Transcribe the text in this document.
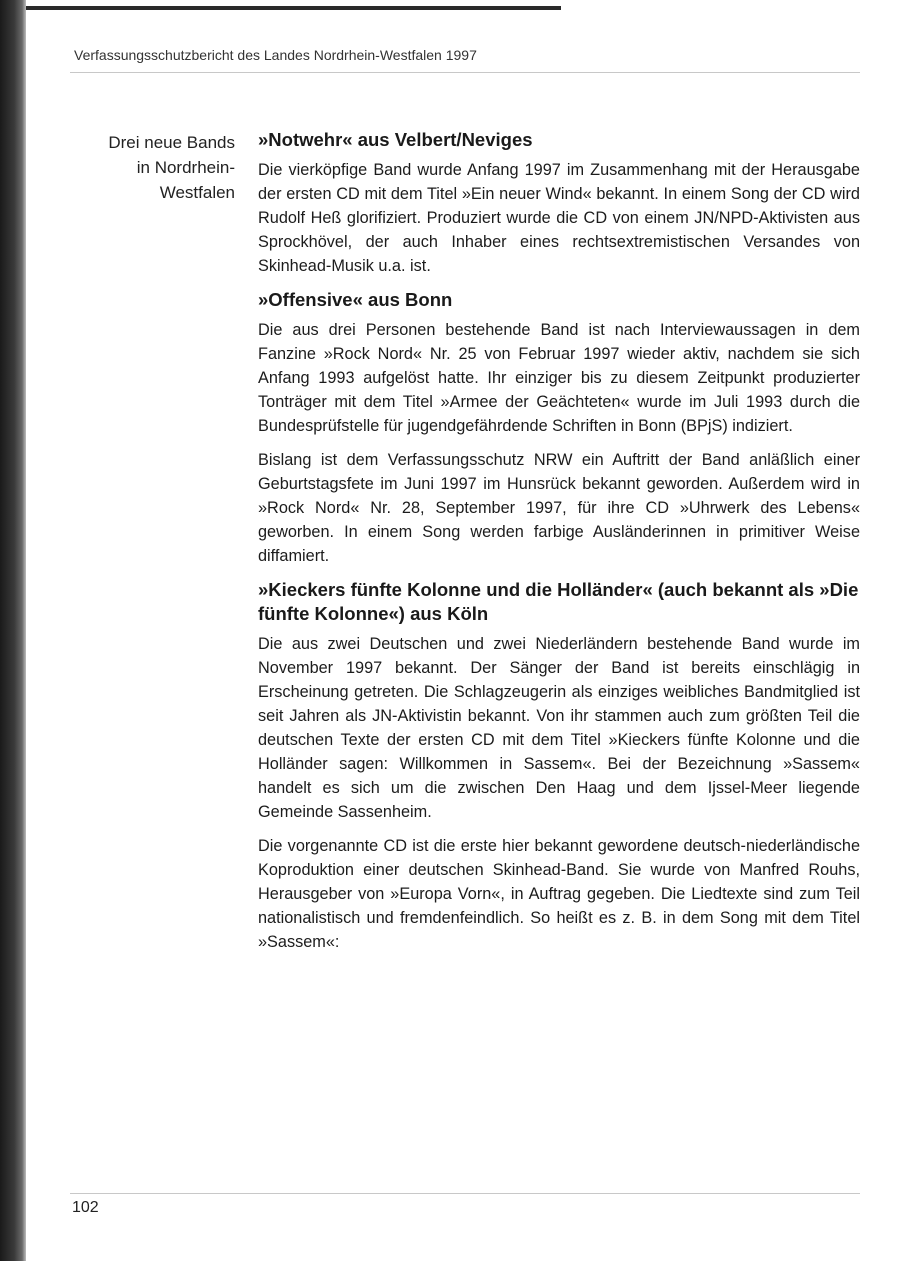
Verfassungsschutzbericht des Landes Nordrhein-Westfalen 1997
Drei neue Bands
in Nordrhein-
Westfalen
»Notwehr« aus Velbert/Neviges

Die vierköpfige Band wurde Anfang 1997 im Zusammenhang mit der Herausgabe der ersten CD mit dem Titel »Ein neuer Wind« bekannt. In einem Song der CD wird Rudolf Heß glorifiziert. Produziert wurde die CD von einem JN/NPD-Aktivisten aus Sprockhövel, der auch Inhaber eines rechtsextremistischen Versandes von Skinhead-Musik u.a. ist.

»Offensive« aus Bonn

Die aus drei Personen bestehende Band ist nach Interviewaussagen in dem Fanzine »Rock Nord« Nr. 25 von Februar 1997 wieder aktiv, nachdem sie sich Anfang 1993 aufgelöst hatte. Ihr einziger bis zu diesem Zeitpunkt produzierter Tonträger mit dem Titel »Armee der Geächteten« wurde im Juli 1993 durch die Bundesprüfstelle für jugendgefährdende Schriften in Bonn (BPjS) indiziert.

Bislang ist dem Verfassungsschutz NRW ein Auftritt der Band anläßlich einer Geburtstagsfete im Juni 1997 im Hunsrück bekannt geworden. Außerdem wird in »Rock Nord« Nr. 28, September 1997, für ihre CD »Uhrwerk des Lebens« geworben. In einem Song werden farbige Ausländerinnen in primitiver Weise diffamiert.

»Kieckers fünfte Kolonne und die Holländer« (auch bekannt als »Die fünfte Kolonne«) aus Köln

Die aus zwei Deutschen und zwei Niederländern bestehende Band wurde im November 1997 bekannt. Der Sänger der Band ist bereits einschlägig in Erscheinung getreten. Die Schlagzeugerin als einziges weibliches Bandmitglied ist seit Jahren als JN-Aktivistin bekannt. Von ihr stammen auch zum größten Teil die deutschen Texte der ersten CD mit dem Titel »Kieckers fünfte Kolonne und die Holländer sagen: Willkommen in Sassem«. Bei der Bezeichnung »Sassem« handelt es sich um die zwischen Den Haag und dem Ijssel-Meer liegende Gemeinde Sassenheim.

Die vorgenannte CD ist die erste hier bekannt gewordene deutsch-niederländische Koproduktion einer deutschen Skinhead-Band. Sie wurde von Manfred Rouhs, Herausgeber von »Europa Vorn«, in Auftrag gegeben. Die Liedtexte sind zum Teil nationalistisch und fremdenfeindlich. So heißt es z. B. in dem Song mit dem Titel »Sassem«:

102
